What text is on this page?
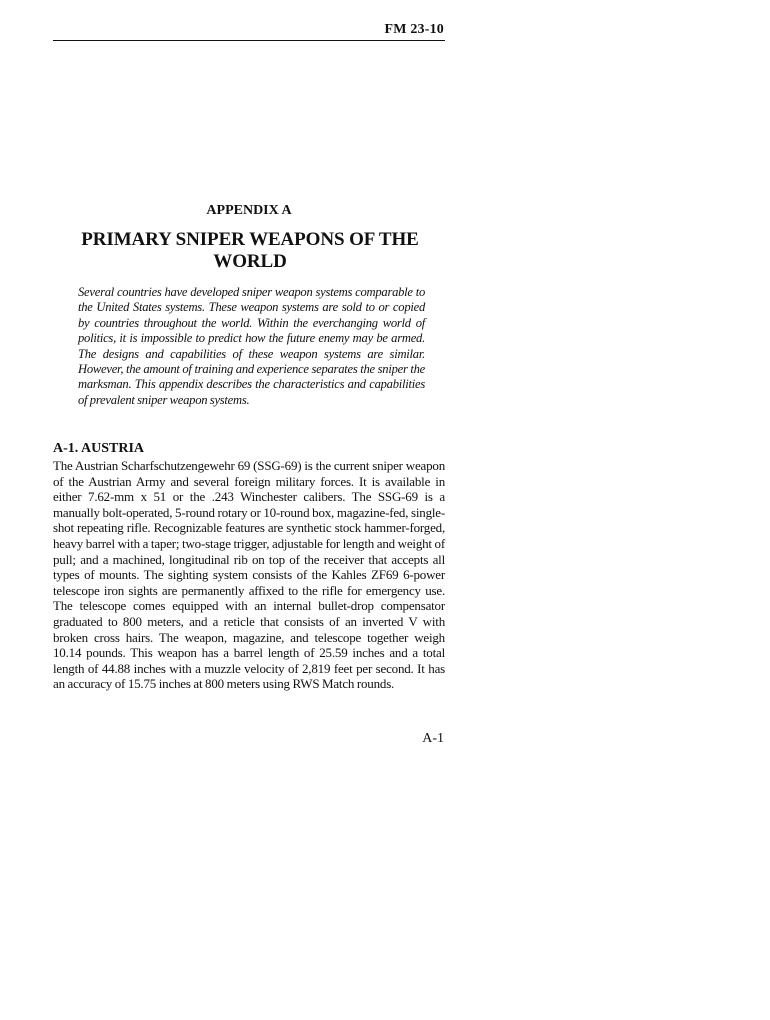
FM 23-10
APPENDIX A
PRIMARY SNIPER WEAPONS OF THE WORLD

Several countries have developed sniper weapon systems comparable to the United States systems. These weapon systems are sold to or copied by countries throughout the world. Within the everchanging world of politics, it is impossible to predict how the future enemy may be armed. The designs and capabilities of these weapon systems are similar. However, the amount of training and experience separates the sniper the marksman. This appendix describes the characteristics and capabilities of prevalent sniper weapon systems.

A-1. AUSTRIA

The Austrian Scharfschutzengewehr 69 (SSG-69) is the current sniper weapon of the Austrian Army and several foreign military forces. It is available in either 7.62-mm x 51 or the .243 Winchester calibers. The SSG-69 is a manually bolt-operated, 5-round rotary or 10-round box, magazine-fed, single-shot repeating rifle. Recognizable features are synthetic stock hammer-forged, heavy barrel with a taper; two-stage trigger, adjustable for length and weight of pull; and a machined, longitudinal rib on top of the receiver that accepts all types of mounts. The sighting system consists of the Kahles ZF69 6-power telescope iron sights are permanently affixed to the rifle for emergency use. The telescope comes equipped with an internal bullet-drop compensator graduated to 800 meters, and a reticle that consists of an inverted V with broken cross hairs. The weapon, magazine, and telescope together weigh 10.14 pounds. This weapon has a barrel length of 25.59 inches and a total length of 44.88 inches with a muzzle velocity of 2,819 feet per second. It has an accuracy of 15.75 inches at 800 meters using RWS Match rounds.

A-1
